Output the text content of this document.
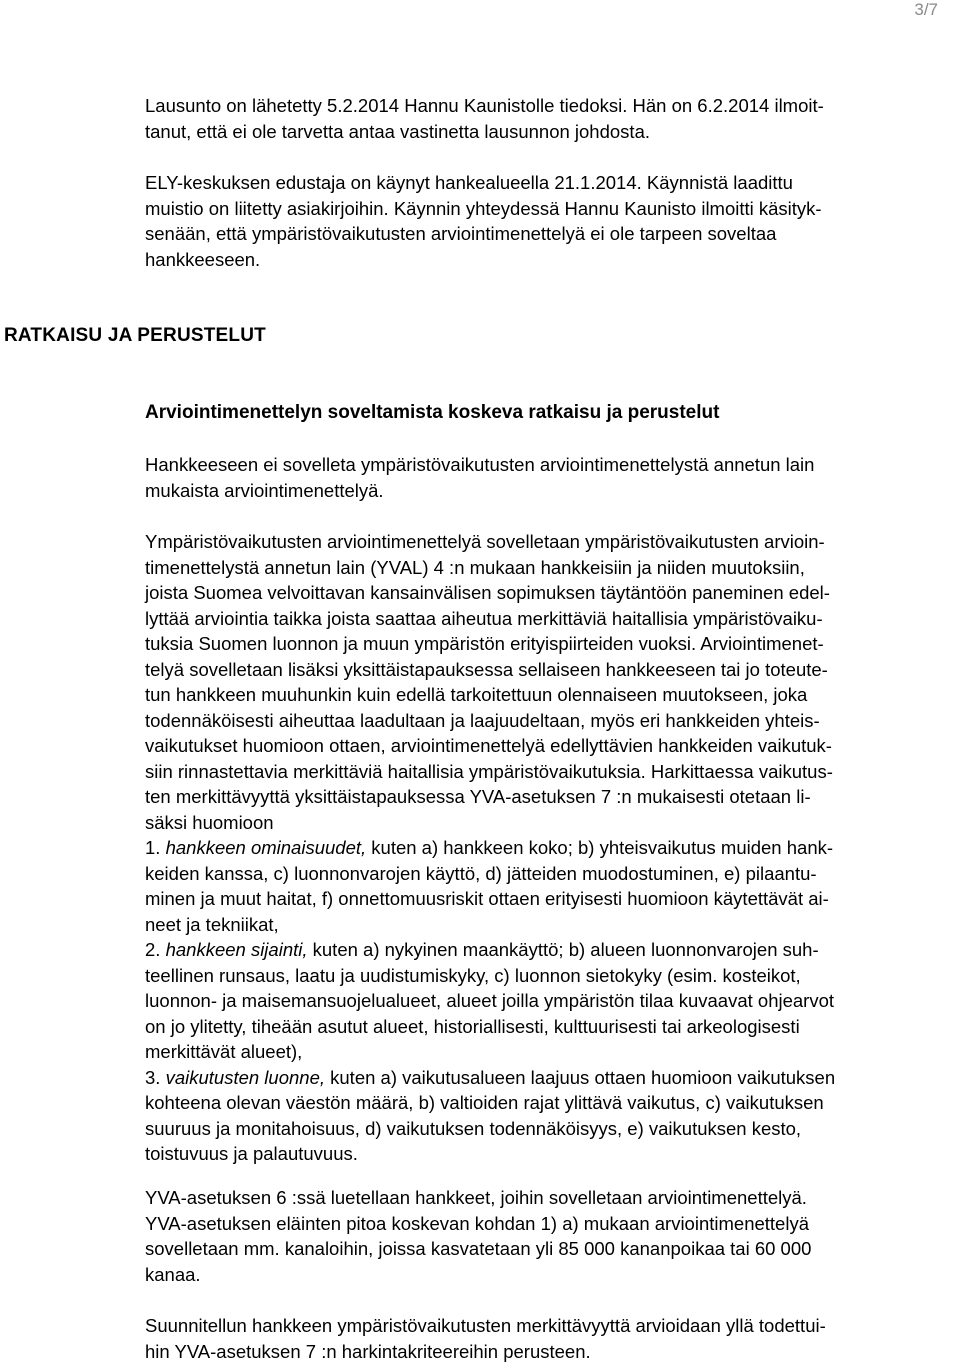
3/7
Lausunto on lähetetty 5.2.2014 Hannu Kaunistolle tiedoksi. Hän on 6.2.2014 ilmoit-
tanut, että ei ole tarvetta antaa vastinetta lausunnon johdosta.
ELY-keskuksen edustaja on käynyt hankealueella 21.1.2014. Käynnistä laadittu
muistio on liitetty asiakirjoihin. Käynnin yhteydessä Hannu Kaunisto ilmoitti käsityk-
senään, että ympäristövaikutusten arviointimenettelyä ei ole tarpeen soveltaa
hankkeeseen.
RATKAISU JA PERUSTELUT
Arviointimenettelyn soveltamista koskeva ratkaisu ja perustelut
Hankkeeseen ei sovelleta ympäristövaikutusten arviointimenettelystä annetun lain
mukaista arviointimenettelyä.
Ympäristövaikutusten arviointimenettelyä sovelletaan ympäristövaikutusten arvioin-
timenettelystä annetun lain (YVAL) 4 :n mukaan hankkeisiin ja niiden muutoksiin,
joista Suomea velvoittavan kansainvälisen sopimuksen täytäntöön paneminen edel-
lyttää arviointia taikka joista saattaa aiheutua merkittäviä haitallisia ympäristövaiku-
tuksia Suomen luonnon ja muun ympäristön erityispiirteiden vuoksi. Arviointimenet-
telyä sovelletaan lisäksi yksittäistapauksessa sellaiseen hankkeeseen tai jo toteute-
tun hankkeen muuhunkin kuin edellä tarkoitettuun olennaiseen muutokseen, joka
todennäköisesti aiheuttaa laadultaan ja laajuudeltaan, myös eri hankkeiden yhteis-
vaikutukset huomioon ottaen, arviointimenettelyä edellyttävien hankkeiden vaikutuk-
siin rinnastettavia merkittäviä haitallisia ympäristövaikutuksia. Harkittaessa vaikutus-
ten merkittävyyttä yksittäistapauksessa YVA-asetuksen 7 :n mukaisesti otetaan li-
säksi huomioon
1. hankkeen ominaisuudet, kuten a) hankkeen koko; b) yhteisvaikutus muiden hank-
keiden kanssa, c) luonnonvarojen käyttö, d) jätteiden muodostuminen, e) pilaantu-
minen ja muut haitat, f) onnettomuusriskit ottaen erityisesti huomioon käytettävät ai-
neet ja tekniikat,
2. hankkeen sijainti, kuten a) nykyinen maankäyttö; b) alueen luonnonvarojen suh-
teellinen runsaus, laatu ja uudistumiskyky, c) luonnon sietokyky (esim. kosteikot,
luonnon- ja maisemansuojelualueet, alueet joilla ympäristön tilaa kuvaavat ohjearvot
on jo ylitetty, tiheään asutut alueet, historiallisesti, kulttuurisesti tai arkeologisesti
merkittävät alueet),
3. vaikutusten luonne, kuten a) vaikutusalueen laajuus ottaen huomioon vaikutuksen
kohteena olevan väestön määrä, b) valtioiden rajat ylittävä vaikutus, c) vaikutuksen
suuruus ja monitahoisuus, d) vaikutuksen todennäköisyys, e) vaikutuksen kesto,
toistuvuus ja palautuvuus.
YVA-asetuksen 6 :ssä luetellaan hankkeet, joihin sovelletaan arviointimenettelyä.
YVA-asetuksen eläinten pitoa koskevan kohdan 1) a) mukaan arviointimenettelyä
sovelletaan mm. kanaloihin, joissa kasvatetaan yli 85 000 kananpoikaa tai 60 000
kanaa.
Suunnitellun hankkeen ympäristövaikutusten merkittävyyttä arvioidaan yllä todettui-
hin YVA-asetuksen 7 :n harkintakriteereihin perusteen.
